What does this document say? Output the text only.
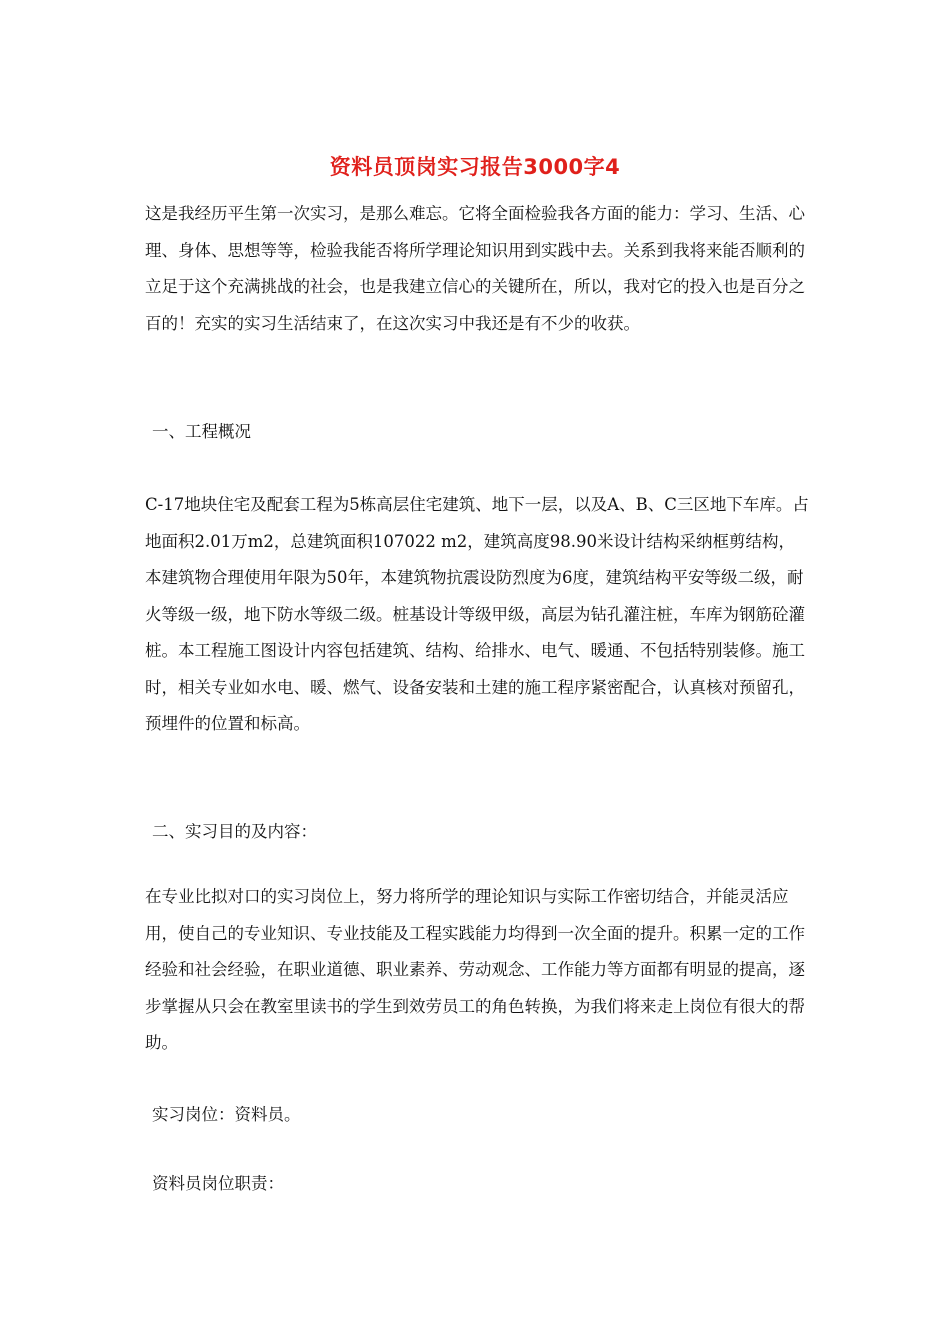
资料员顶岗实习报告3000字4

这是我经历平生第一次实习，是那么难忘。它将全面检验我各方面的能力：学习、生活、心理、身体、思想等等，检验我能否将所学理论知识用到实践中去。关系到我将来能否顺利的立足于这个充满挑战的社会，也是我建立信心的关键所在，所以，我对它的投入也是百分之百的！充实的实习生活结束了，在这次实习中我还是有不少的收获。

一、工程概况

C-17地块住宅及配套工程为5栋高层住宅建筑、地下一层，以及A、B、C三区地下车库。占地面积2.01万m2，总建筑面积107022 m2，建筑高度98.90米设计结构采纳框剪结构，本建筑物合理使用年限为50年，本建筑物抗震设防烈度为6度，建筑结构平安等级二级，耐火等级一级，地下防水等级二级。桩基设计等级甲级，高层为钻孔灌注桩，车库为钢筋砼灌桩。本工程施工图设计内容包括建筑、结构、给排水、电气、暖通、不包括特别装修。施工时，相关专业如水电、暖、燃气、设备安装和土建的施工程序紧密配合，认真核对预留孔，预埋件的位置和标高。

二、实习目的及内容：

在专业比拟对口的实习岗位上，努力将所学的理论知识与实际工作密切结合，并能灵活应用，使自己的专业知识、专业技能及工程实践能力均得到一次全面的提升。积累一定的工作经验和社会经验，在职业道德、职业素养、劳动观念、工作能力等方面都有明显的提高，逐步掌握从只会在教室里读书的学生到效劳员工的角色转换，为我们将来走上岗位有很大的帮助。

实习岗位：资料员。

资料员岗位职责：
